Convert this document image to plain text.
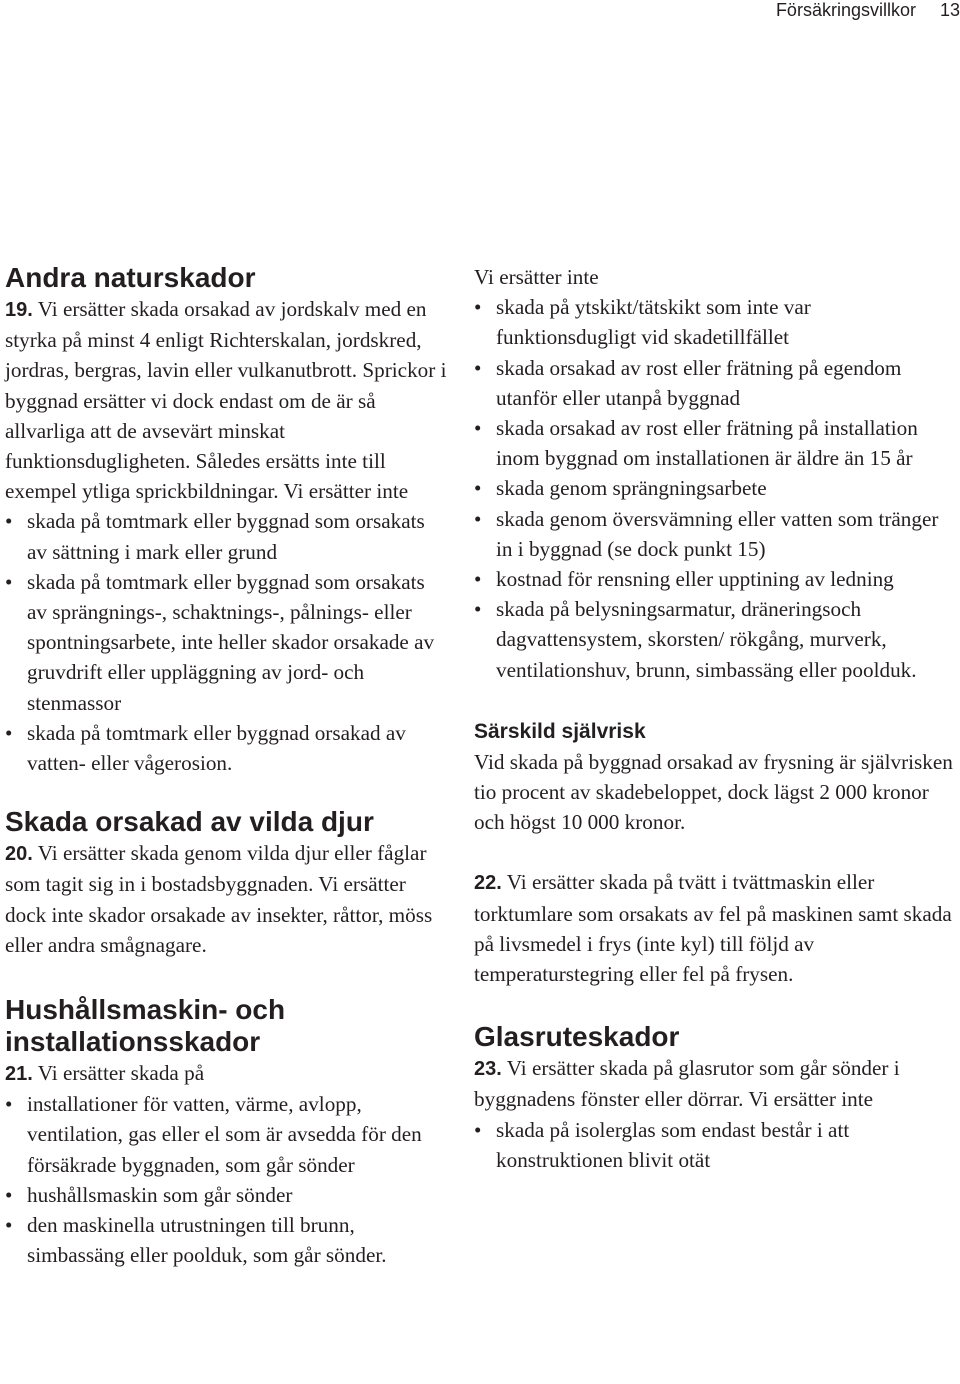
Försäkringsvillkor 13
Andra naturskador

19. Vi ersätter skada orsakad av jordskalv med en styrka på minst 4 enligt Richterskalan, jordskred, jordras, bergras, lavin eller vulkanutbrott. Sprickor i byggnad ersätter vi dock endast om de är så allvarliga att de avsevärt minskat funktionsdugligheten. Således ersätts inte till exempel ytliga sprickbildningar. Vi ersätter inte

• skada på tomtmark eller byggnad som orsakats av sättning i mark eller grund
• skada på tomtmark eller byggnad som orsakats av sprängnings-, schaktnings-, pålnings- eller spontningsarbete, inte heller skador orsakade av gruvdrift eller uppläggning av jord- och stenmassor
• skada på tomtmark eller byggnad orsakad av vatten- eller vågerosion.
Skada orsakad av vilda djur

20. Vi ersätter skada genom vilda djur eller fåglar som tagit sig in i bostadsbyggnaden. Vi ersätter dock inte skador orsakade av insekter, råttor, möss eller andra smågnagare.

Hushållsmaskin- och installationsskador

21. Vi ersätter skada på

• installationer för vatten, värme, avlopp, ventilation, gas eller el som är avsedda för den försäkrade byggnaden, som går sönder
• hushållsmaskin som går sönder
• den maskinella utrustningen till brunn, simbassäng eller poolduk, som går sönder.

Vi ersätter inte

• skada på ytskikt/tätskikt som inte var funktionsdugligt vid skadetillfället
• skada orsakad av rost eller frätning på egendom utanför eller utanpå byggnad
• skada orsakad av rost eller frätning på installation inom byggnad om installationen är äldre än 15 år
• skada genom sprängningsarbete
• skada genom översvämning eller vatten som tränger in i byggnad (se dock punkt 15)
• kostnad för rensning eller upptining av ledning
• skada på belysningsarmatur, dräneringsoch dagvattensystem, skorsten/ rökgång, murverk, ventilationshuv, brunn, simbassäng eller poolduk.
Särskild självrisk

Vid skada på byggnad orsakad av frysning är självrisken tio procent av skadebeloppet, dock lägst 2 000 kronor och högst 10 000 kronor.

22. Vi ersätter skada på tvätt i tvättmaskin eller torktumlare som orsakats av fel på maskinen samt skada på livsmedel i frys (inte kyl) till följd av temperaturstegring eller fel på frysen.

Glasruteskador

23. Vi ersätter skada på glasrutor som går sönder i byggnadens fönster eller dörrar. Vi ersätter inte

• skada på isolerglas som endast består i att konstruktionen blivit otät
